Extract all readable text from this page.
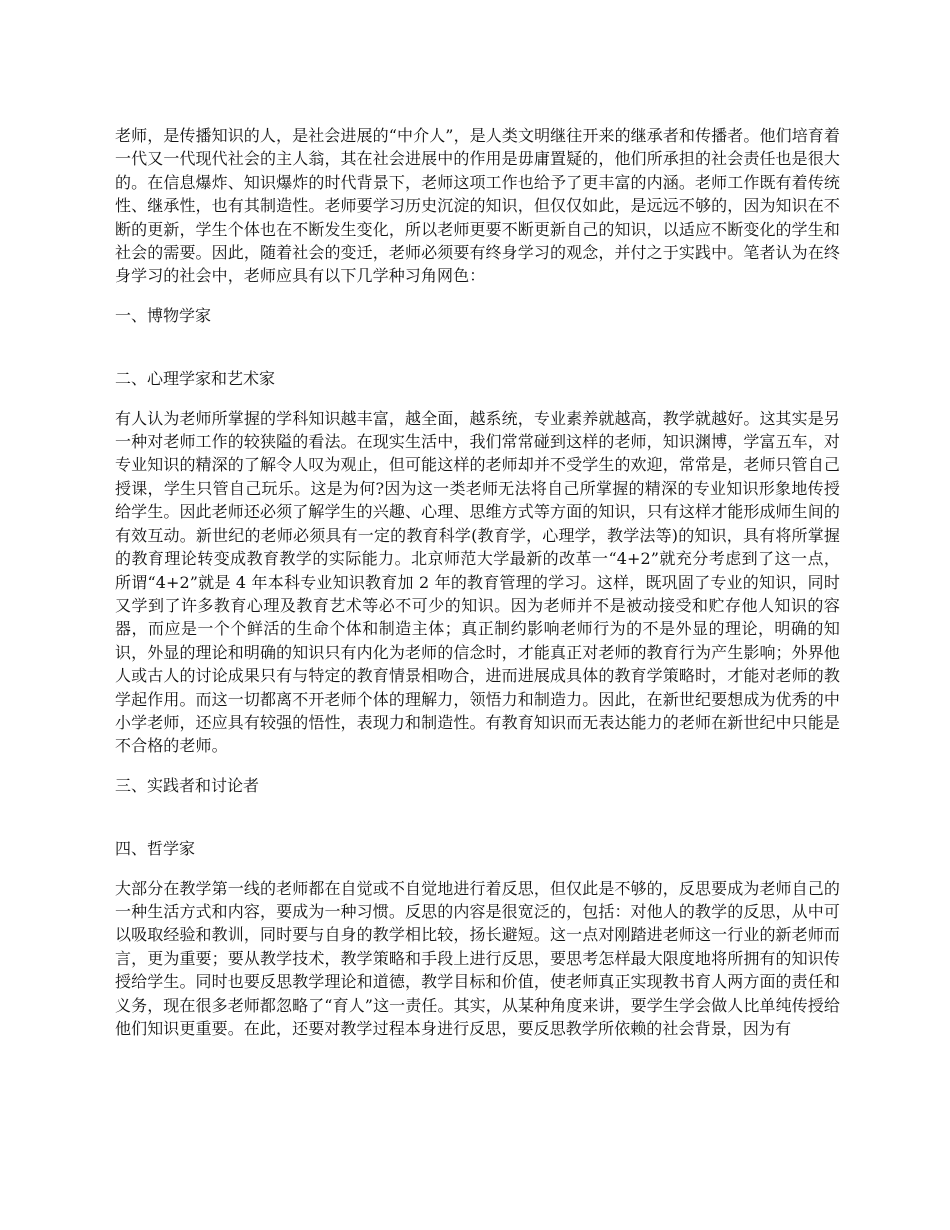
老师，是传播知识的人，是社会进展的“中介人”，是人类文明继往开来的继承者和传播者。他们培育着一代又一代现代社会的主人翁，其在社会进展中的作用是毋庸置疑的，他们所承担的社会责任也是很大的。在信息爆炸、知识爆炸的时代背景下，老师这项工作也给予了更丰富的内涵。老师工作既有着传统性、继承性，也有其制造性。老师要学习历史沉淀的知识，但仅仅如此，是远远不够的，因为知识在不断的更新，学生个体也在不断发生变化，所以老师更要不断更新自己的知识，以适应不断变化的学生和社会的需要。因此，随着社会的变迁，老师必须要有终身学习的观念，并付之于实践中。笔者认为在终身学习的社会中，老师应具有以下几学种习角网色：

一、博物学家

二、心理学家和艺术家

有人认为老师所掌握的学科知识越丰富，越全面，越系统，专业素养就越高，教学就越好。这其实是另一种对老师工作的较狭隘的看法。在现实生活中，我们常常碰到这样的老师，知识渊博，学富五车，对专业知识的精深的了解令人叹为观止，但可能这样的老师却并不受学生的欢迎，常常是，老师只管自己授课，学生只管自己玩乐。这是为何?因为这一类老师无法将自己所掌握的精深的专业知识形象地传授给学生。因此老师还必须了解学生的兴趣、心理、思维方式等方面的知识，只有这样才能形成师生间的有效互动。新世纪的老师必须具有一定的教育科学(教育学，心理学，教学法等)的知识，具有将所掌握的教育理论转变成教育教学的实际能力。北京师范大学最新的改革一“4+2”就充分考虑到了这一点，所谓“4+2”就是 4 年本科专业知识教育加 2 年的教育管理的学习。这样，既巩固了专业的知识，同时又学到了许多教育心理及教育艺术等必不可少的知识。因为老师并不是被动接受和贮存他人知识的容器，而应是一个个鲜活的生命个体和制造主体；真正制约影响老师行为的不是外显的理论，明确的知识，外显的理论和明确的知识只有内化为老师的信念时，才能真正对老师的教育行为产生影响；外界他人或古人的讨论成果只有与特定的教育情景相吻合，进而进展成具体的教育学策略时，才能对老师的教学起作用。而这一切都离不开老师个体的理解力，领悟力和制造力。因此，在新世纪要想成为优秀的中小学老师，还应具有较强的悟性，表现力和制造性。有教育知识而无表达能力的老师在新世纪中只能是不合格的老师。

三、实践者和讨论者

四、哲学家

大部分在教学第一线的老师都在自觉或不自觉地进行着反思，但仅此是不够的，反思要成为老师自己的一种生活方式和内容，要成为一种习惯。反思的内容是很宽泛的，包括：对他人的教学的反思，从中可以吸取经验和教训，同时要与自身的教学相比较，扬长避短。这一点对刚踏进老师这一行业的新老师而言，更为重要；要从教学技术，教学策略和手段上进行反思，要思考怎样最大限度地将所拥有的知识传授给学生。同时也要反思教学理论和道德，教学目标和价值，使老师真正实现教书育人两方面的责任和义务，现在很多老师都忽略了“育人”这一责任。其实，从某种角度来讲，要学生学会做人比单纯传授给他们知识更重要。在此，还要对教学过程本身进行反思，要反思教学所依赖的社会背景，因为有
